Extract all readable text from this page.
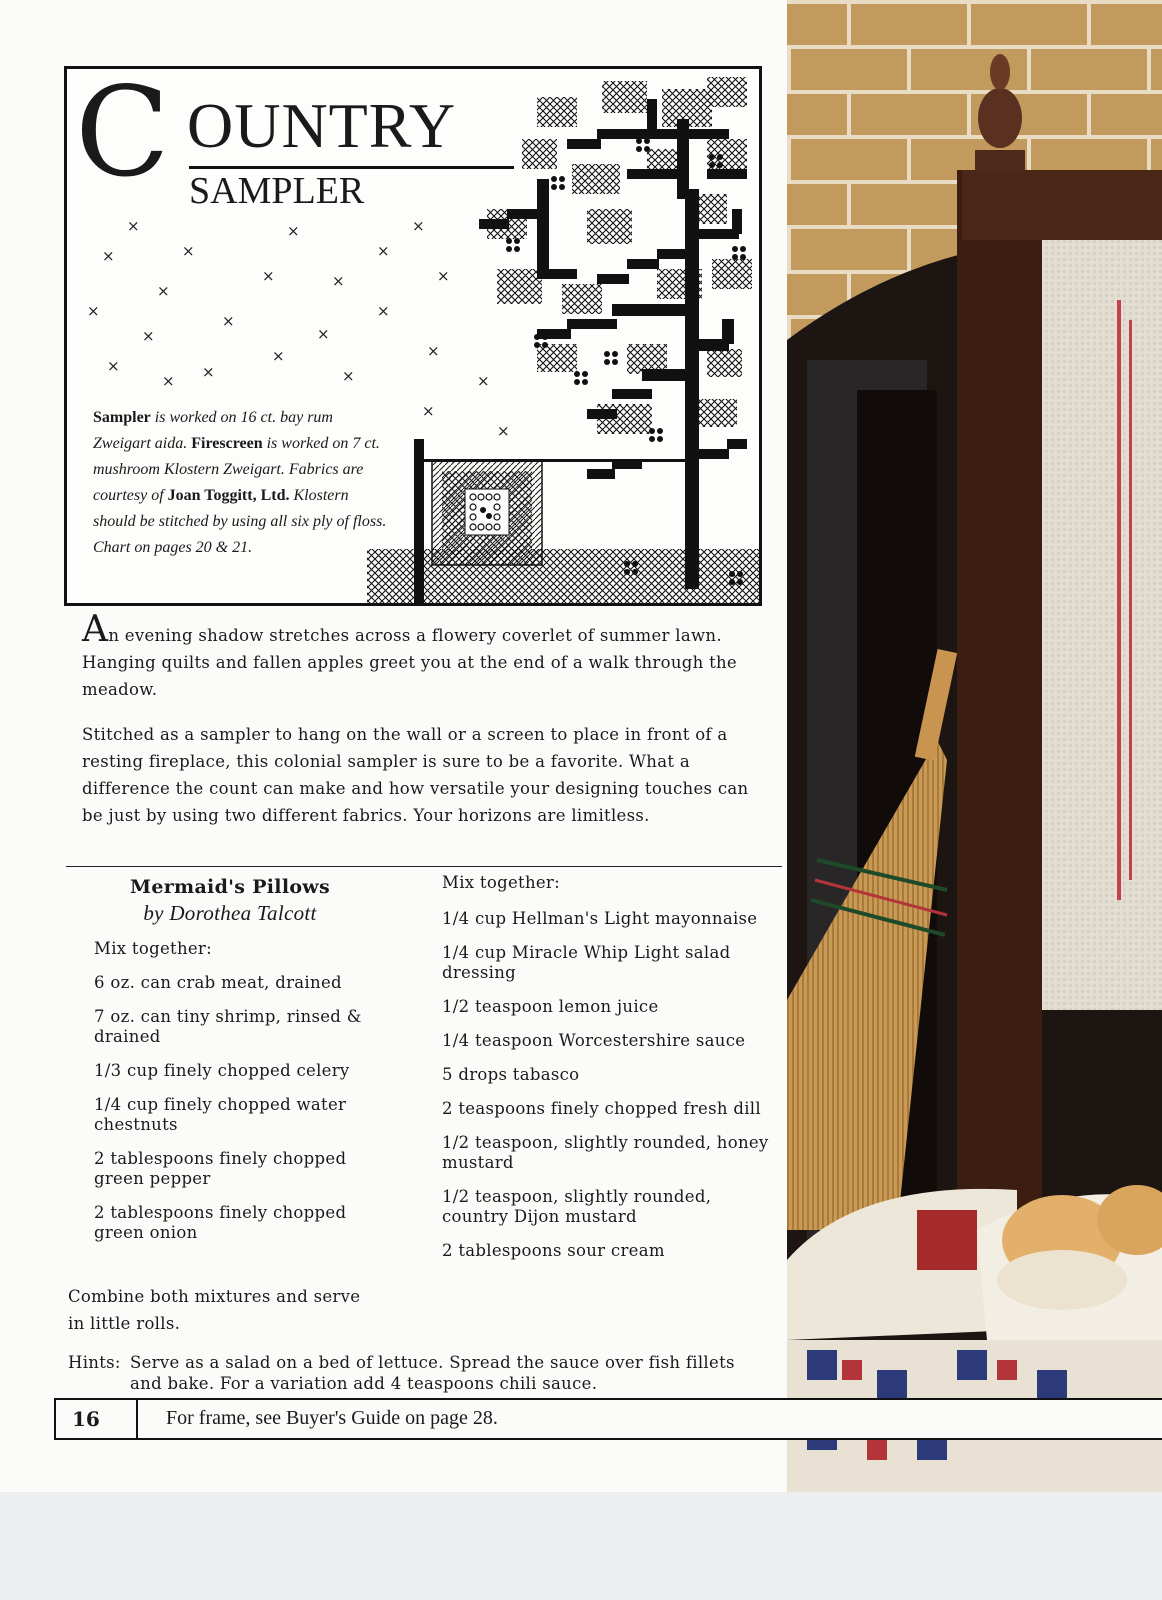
C OUNTRY
SAMPLER
×
×	×
×
×
×
×
×	×	×
×
×
×
×	×
×
×
×
× ×	×	×
×
×
Sampler is worked on 16 ct. bay rum Zweigart aida. Firescreen is worked on 7 ct. mushroom Klostern Zweigart. Fabrics are courtesy of Joan Toggitt, Ltd. Klostern should be stitched by using all six ply of floss. Chart on pages 20 & 21.

An evening shadow stretches across a flowery coverlet of summer lawn. Hanging quilts and fallen apples greet you at the end of a walk through the meadow.

Stitched as a sampler to hang on the wall or a screen to place in front of a resting fireplace, this colonial sampler is sure to be a favorite. What a difference the count can make and how versatile your designing touches can be just by using two different fabrics. Your horizons are limitless.

Mermaid's Pillows
by Dorothea Talcott
Mix together:
6 oz. can crab meat, drained
7 oz. can tiny shrimp, rinsed & drained
1/3 cup finely chopped celery
1/4 cup finely chopped water chestnuts
2 tablespoons finely chopped green pepper
2 tablespoons finely chopped green onion
Mix together:
1/4 cup Hellman's Light mayonnaise
1/4 cup Miracle Whip Light salad dressing
1/2 teaspoon lemon juice
1/4 teaspoon Worcestershire sauce
5 drops tabasco
2 teaspoons finely chopped fresh dill
1/2 teaspoon, slightly rounded, honey mustard
1/2 teaspoon, slightly rounded, country Dijon mustard
2 tablespoons sour cream
Combine both mixtures and serve in little rolls.
Hints: Serve as a salad on a bed of lettuce. Spread the sauce over fish fillets and bake. For a variation add 4 teaspoons chili sauce.
16	For frame, see Buyer's Guide on page 28.
